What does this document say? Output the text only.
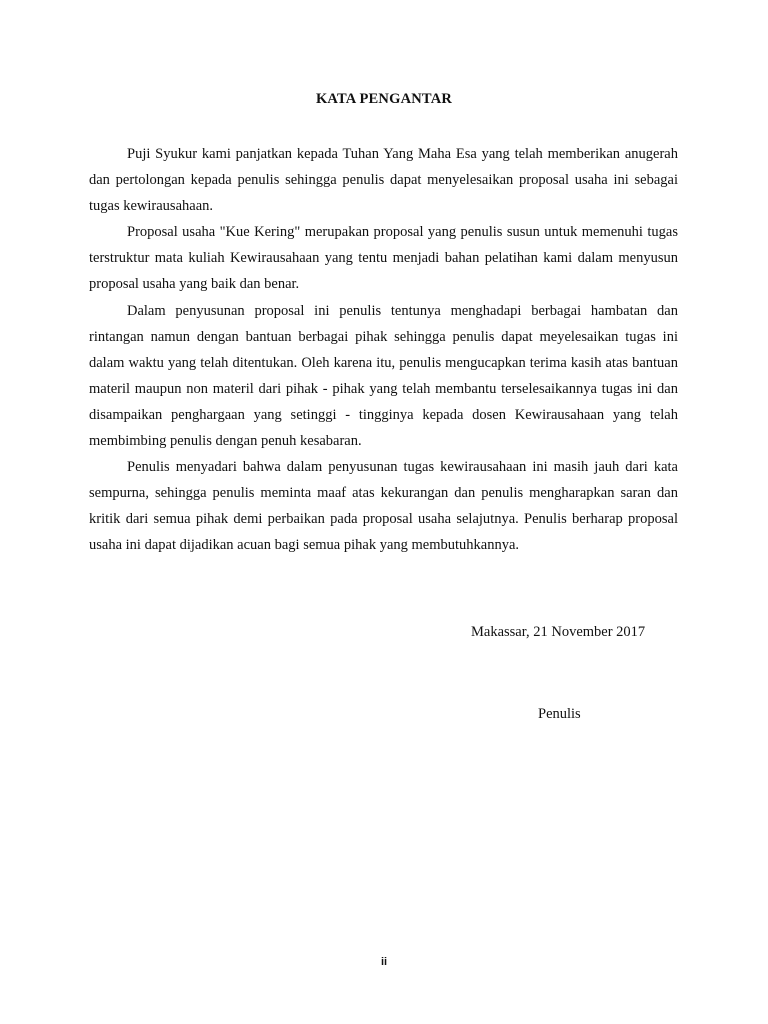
KATA PENGANTAR

Puji Syukur kami panjatkan kepada Tuhan Yang Maha Esa yang telah memberikan anugerah dan pertolongan kepada penulis sehingga penulis dapat menyelesaikan proposal usaha ini sebagai tugas kewirausahaan.

Proposal usaha "Kue Kering" merupakan proposal yang penulis susun untuk memenuhi tugas terstruktur mata kuliah Kewirausahaan yang tentu menjadi bahan pelatihan kami dalam menyusun proposal usaha yang baik dan benar.

Dalam penyusunan proposal ini penulis tentunya menghadapi berbagai hambatan dan rintangan namun dengan bantuan berbagai pihak sehingga penulis dapat meyelesaikan tugas ini dalam waktu yang telah ditentukan. Oleh karena itu, penulis mengucapkan terima kasih atas bantuan materil maupun non materil dari pihak - pihak yang telah membantu terselesaikannya tugas ini dan disampaikan penghargaan yang setinggi - tingginya kepada dosen Kewirausahaan yang telah membimbing penulis dengan penuh kesabaran.

Penulis menyadari bahwa dalam penyusunan tugas kewirausahaan ini masih jauh dari kata sempurna, sehingga penulis meminta maaf atas kekurangan dan penulis mengharapkan saran dan kritik dari semua pihak demi perbaikan pada proposal usaha selajutnya. Penulis berharap proposal usaha ini dapat dijadikan acuan bagi semua pihak yang membutuhkannya.

Makassar, 21 November 2017
Penulis
ii
